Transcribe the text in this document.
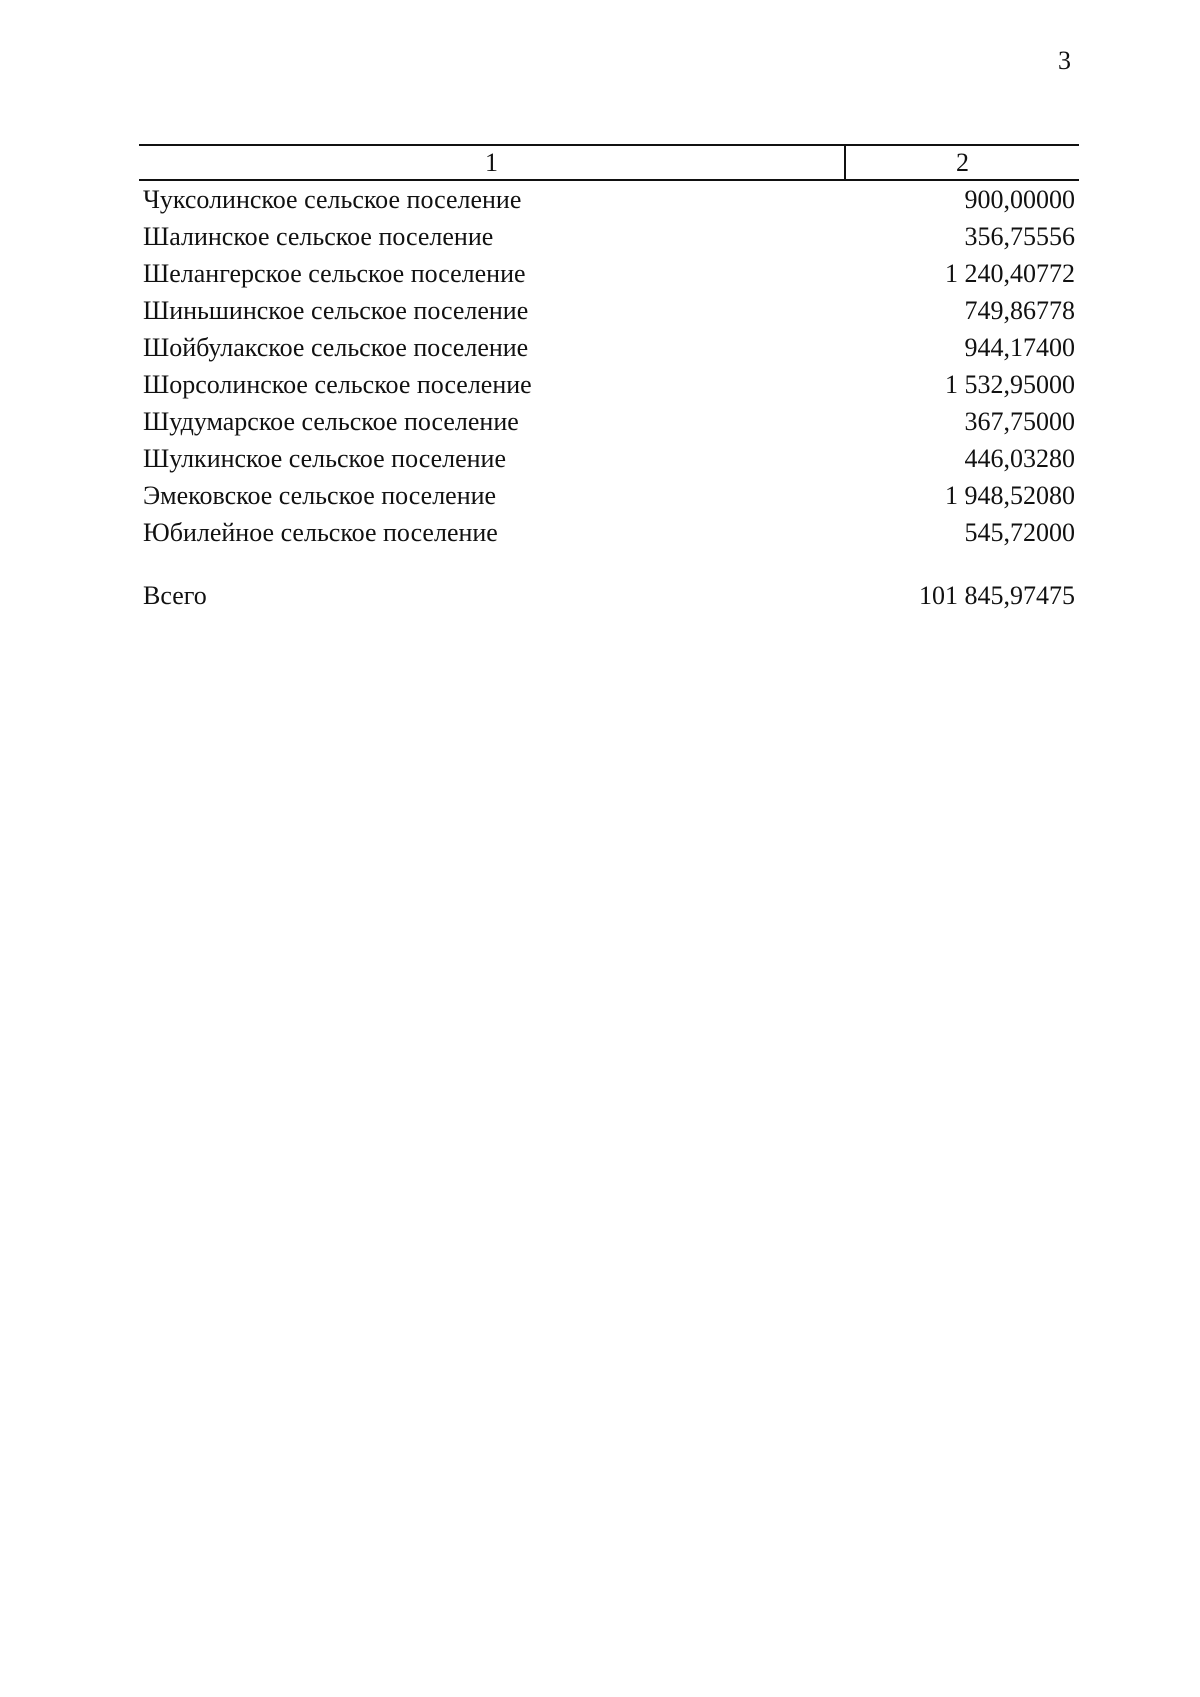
3
1	2
Чуксолинское сельское поселение	900,00000
Шалинское сельское поселение	356,75556
Шелангерское сельское поселение	1 240,40772
Шиньшинское сельское поселение	749,86778
Шойбулакское сельское поселение	944,17400
Шорсолинское сельское поселение	1 532,95000
Шудумарское сельское поселение	367,75000
Шулкинское сельское поселение	446,03280
Эмековское сельское поселение	1 948,52080
Юбилейное сельское поселение	545,72000
Всего	101 845,97475
